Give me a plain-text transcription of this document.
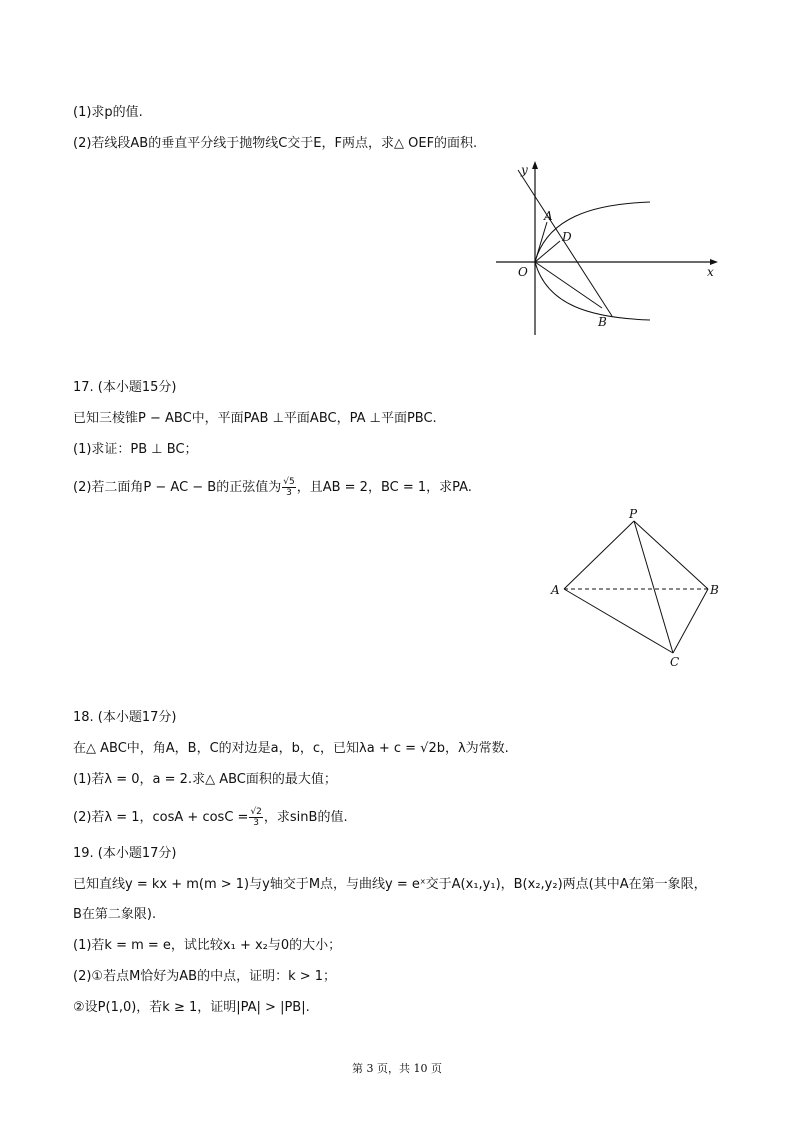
(1)求p的值.
(2)若线段AB的垂直平分线于抛物线C交于E，F两点，求△ OEF的面积.
y
x
O
A
D
B
17. (本小题15分)
已知三棱锥P − ABC中，平面PAB ⊥平面ABC，PA ⊥平面PBC.
(1)求证：PB ⊥ BC；
(2)若二面角P − AC − B的正弦值为 $\frac{√5}{3}$ ，且AB = 2，BC = 1，求PA.
P
A	B
C
18. (本小题17分)
在△ ABC中，角A，B，C的对边是a，b，c，已知λa + c = √2b，λ为常数.
(1)若λ = 0，a = 2.求△ ABC面积的最大值；
(2)若λ = 1，$\cos A + \cos C = \frac{√2}{3}$ ，求sinB的值.
19. (本小题17分)
已知直线y = kx + m(m > 1)与y轴交于M点，与曲线y = eˣ交于A(x₁,y₁)，B(x₂,y₂)两点(其中A在第一象限，
B在第二象限).
(1)若k = m = e，试比较x₁ + x₂与0的大小；
(2)①若点M恰好为AB的中点，证明：k > 1；
②设P(1,0)，若k ≥ 1，证明|PA| > |PB|.
第 3 页，共 10 页
